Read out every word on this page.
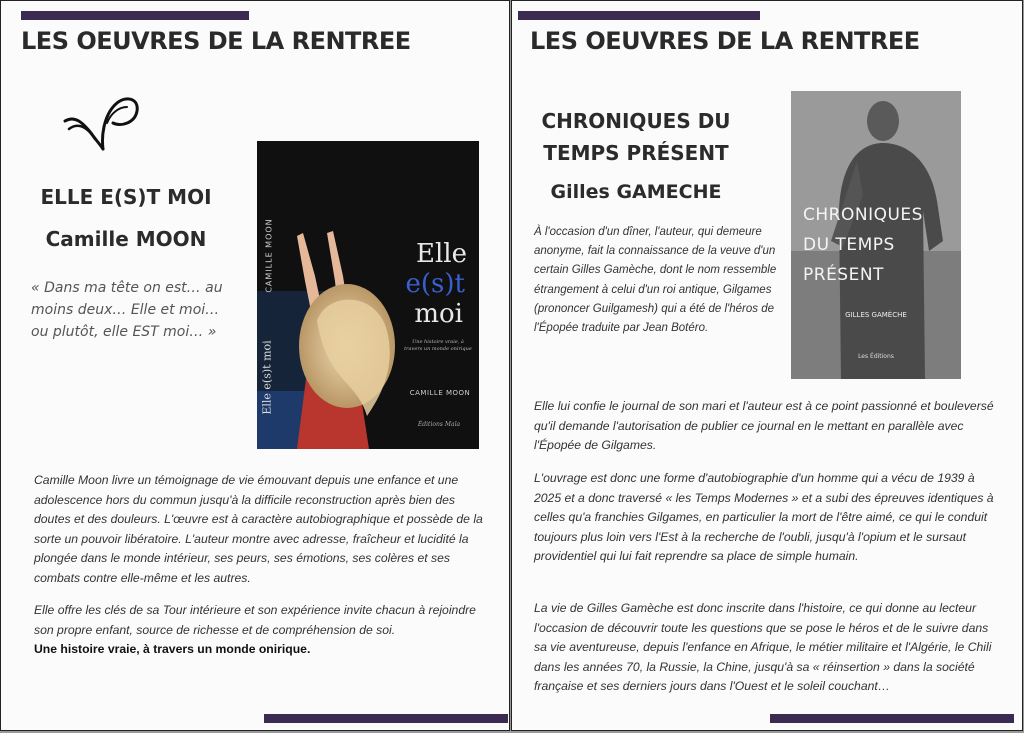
LES OEUVRES DE LA RENTREE
ELLE E(S)T MOI
Camille MOON
« Dans ma tête on est… au moins deux… Elle et moi… ou plutôt, elle EST moi… »
CAMILLE MOON
Elle e(s)t moi
Elle
e(s)t
moi
Une histoire vraie, à travers un monde onirique
CAMILLE MOON
Éditions Maïa

Camille Moon livre un témoignage de vie émouvant depuis une enfance et une adolescence hors du commun jusqu'à la difficile reconstruction après bien des doutes et des douleurs. L'œuvre est à caractère autobiographique et possède de la sorte un pouvoir libératoire. L'auteur montre avec adresse, fraîcheur et lucidité la plongée dans le monde intérieur, ses peurs, ses émotions, ses colères et ses combats contre elle-même et les autres.

Elle offre les clés de sa Tour intérieure et son expérience invite chacun à rejoindre son propre enfant, source de richesse et de compréhension de soi.
Une histoire vraie, à travers un monde onirique.

LES OEUVRES DE LA RENTREE
CHRONIQUES DU
TEMPS PRÉSENT
Gilles GAMECHE

À l'occasion d'un dîner, l'auteur, qui demeure anonyme, fait la connaissance de la veuve d'un certain Gilles Gamèche, dont le nom ressemble étrangement à celui d'un roi antique, Gilgames (prononcer Guilgamesh) qui a été de l'héros de l'Épopée traduite par Jean Botéro.

CHRONIQUES
DU TEMPS
PRÉSENT
GILLES GAMÈCHE
Les Éditions

Elle lui confie le journal de son mari et l'auteur est à ce point passionné et bouleversé qu'il demande l'autorisation de publier ce journal en le mettant en parallèle avec l'Épopée de Gilgames.

L'ouvrage est donc une forme d'autobiographie d'un homme qui a vécu de 1939 à 2025 et a donc traversé « les Temps Modernes » et a subi des épreuves identiques à celles qu'a franchies Gilgames, en particulier la mort de l'être aimé, ce qui le conduit toujours plus loin vers l'Est à la recherche de l'oubli, jusqu'à l'opium et le sursaut providentiel qui lui fait reprendre sa place de simple humain.

La vie de Gilles Gamèche est donc inscrite dans l'histoire, ce qui donne au lecteur l'occasion de découvrir toute les questions que se pose le héros et de le suivre dans sa vie aventureuse, depuis l'enfance en Afrique, le métier militaire et l'Algérie, le Chili dans les années 70, la Russie, la Chine, jusqu'à sa « réinsertion » dans la société française et ses derniers jours dans l'Ouest et le soleil couchant…
